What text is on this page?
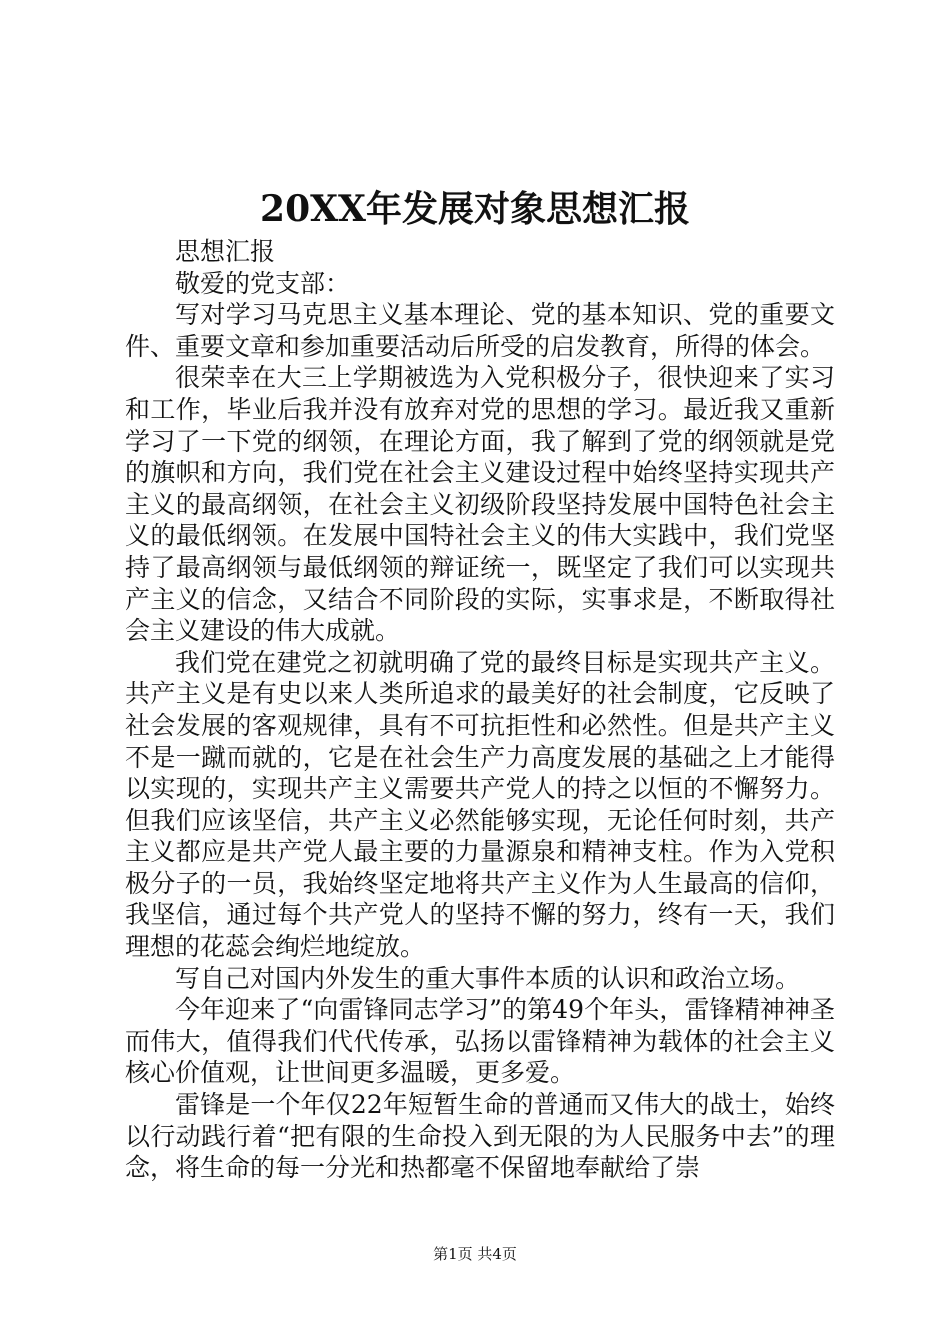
20XX年发展对象思想汇报

思想汇报

敬爱的党支部：

写对学习马克思主义基本理论、党的基本知识、党的重要文件、重要文章和参加重要活动后所受的启发教育，所得的体会。

很荣幸在大三上学期被选为入党积极分子，很快迎来了实习和工作，毕业后我并没有放弃对党的思想的学习。最近我又重新学习了一下党的纲领，在理论方面，我了解到了党的纲领就是党的旗帜和方向，我们党在社会主义建设过程中始终坚持实现共产主义的最高纲领，在社会主义初级阶段坚持发展中国特色社会主义的最低纲领。在发展中国特社会主义的伟大实践中，我们党坚持了最高纲领与最低纲领的辩证统一，既坚定了我们可以实现共产主义的信念，又结合不同阶段的实际，实事求是，不断取得社会主义建设的伟大成就。

我们党在建党之初就明确了党的最终目标是实现共产主义。共产主义是有史以来人类所追求的最美好的社会制度，它反映了社会发展的客观规律，具有不可抗拒性和必然性。但是共产主义不是一蹴而就的，它是在社会生产力高度发展的基础之上才能得以实现的，实现共产主义需要共产党人的持之以恒的不懈努力。但我们应该坚信，共产主义必然能够实现，无论任何时刻，共产主义都应是共产党人最主要的力量源泉和精神支柱。作为入党积极分子的一员，我始终坚定地将共产主义作为人生最高的信仰，我坚信，通过每个共产党人的坚持不懈的努力，终有一天，我们理想的花蕊会绚烂地绽放。

写自己对国内外发生的重大事件本质的认识和政治立场。

今年迎来了“向雷锋同志学习”的第49个年头，雷锋精神神圣而伟大，值得我们代代传承，弘扬以雷锋精神为载体的社会主义核心价值观，让世间更多温暖，更多爱。

雷锋是一个年仅22年短暂生命的普通而又伟大的战士，始终以行动践行着“把有限的生命投入到无限的为人民服务中去”的理念，将生命的每一分光和热都毫不保留地奉献给了崇

第1页 共4页
